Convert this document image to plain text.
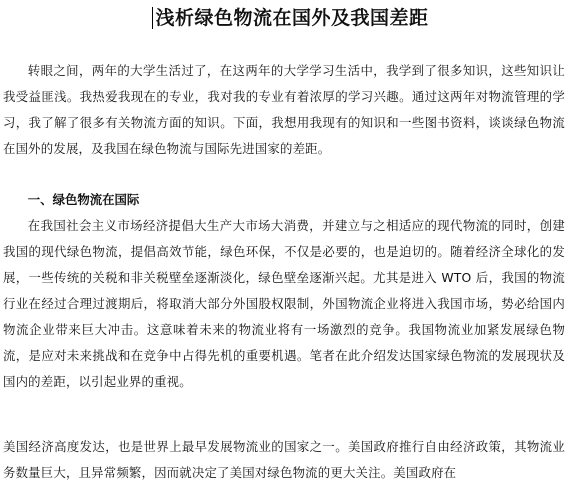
浅析绿色物流在国外及我国差距

转眼之间，两年的大学生活过了，在这两年的大学学习生活中，我学到了很多知识，这些知识让我受益匪浅。我热爱我现在的专业，我对我的专业有着浓厚的学习兴趣。通过这两年对物流管理的学习，我了解了很多有关物流方面的知识。下面，我想用我现有的知识和一些图书资料，谈谈绿色物流在国外的发展，及我国在绿色物流与国际先进国家的差距。

一、绿色物流在国际

在我国社会主义市场经济提倡大生产大市场大消费，并建立与之相适应的现代物流的同时，创建我国的现代绿色物流，提倡高效节能，绿色环保，不仅是必要的，也是迫切的。随着经济全球化的发展，一些传统的关税和非关税壁垒逐渐淡化，绿色壁垒逐渐兴起。尤其是进入 WTO 后，我国的物流行业在经过合理过渡期后，将取消大部分外国股权限制，外国物流企业将进入我国市场，势必给国内物流企业带来巨大冲击。这意味着未来的物流业将有一场激烈的竞争。我国物流业加紧发展绿色物流，是应对未来挑战和在竞争中占得先机的重要机遇。笔者在此介绍发达国家绿色物流的发展现状及国内的差距，以引起业界的重视。

美国经济高度发达，也是世界上最早发展物流业的国家之一。美国政府推行自由经济政策，其物流业务数量巨大，且异常频繁，因而就决定了美国对绿色物流的更大关注。美国政府在
